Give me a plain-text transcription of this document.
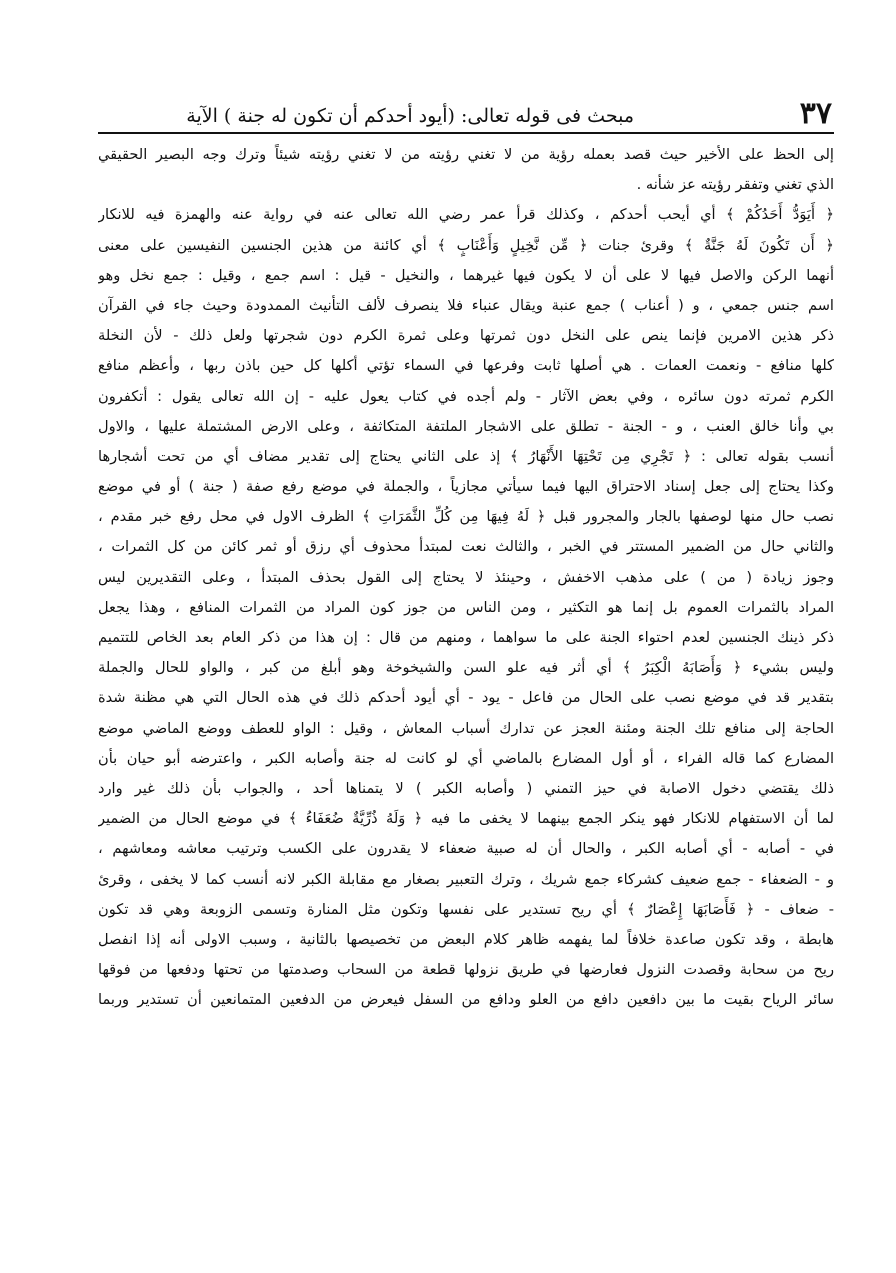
٣٧
مبحث فى قوله تعالى: (أيود أحدكم أن تكون له جنة ) الآية
إلى الحظ على الأخير حيث قصد بعمله رؤية من لا تغني رؤيته من لا تغني رؤيته شيئاً وترك وجه البصير الحقيقي
الذي تغني وتفقر رؤيته عز شأنه .
﴿ أَيَوَدُّ أَحَدُكُمْ ﴾ أي أيحب أحدكم ، وكذلك قرأ عمر رضي الله تعالى عنه في رواية عنه والهمزة فيه للانكار
﴿ أَن تَكُونَ لَهُ جَنَّةٌ ﴾ وقرئ جنات ﴿ مِّن نَّخِيلٍ وَأَعْنَابٍ ﴾ أي كائنة من هذين الجنسين النفيسين على معنى
أنهما الركن والاصل فيها لا على أن لا يكون فيها غيرهما ، والنخيل - قيل : اسم جمع ، وقيل : جمع نخل وهو
اسم جنس جمعي ، و ( أعناب ) جمع عنبة ويقال عنباء فلا ينصرف لألف التأنيث الممدودة وحيث جاء في القرآن
ذكر هذين الامرين فإنما ينص على النخل دون ثمرتها وعلى ثمرة الكرم دون شجرتها ولعل ذلك - لأن النخلة
كلها منافع - ونعمت العمات . هي أصلها ثابت وفرعها في السماء تؤتي أكلها كل حين باذن ربها ، وأعظم منافع
الكرم ثمرته دون سائره ، وفي بعض الآثار - ولم أجده في كتاب يعول عليه - إن الله تعالى يقول : أتكفرون
بي وأنا خالق العنب ، و - الجنة - تطلق على الاشجار الملتفة المتكاثفة ، وعلى الارض المشتملة عليها ، والاول
أنسب بقوله تعالى : ﴿ تَجْرِي مِن تَحْتِهَا الأَنْهَارُ ﴾ إذ على الثاني يحتاج إلى تقدير مضاف أي من تحت أشجارها
وكذا يحتاج إلى جعل إسناد الاحتراق اليها فيما سيأتي مجازياً ، والجملة في موضع رفع صفة ( جنة ) أو في موضع
نصب حال منها لوصفها بالجار والمجرور قبل ﴿ لَهُ فِيهَا مِن كُلِّ الثَّمَرَاتِ ﴾ الظرف الاول في محل رفع خبر مقدم ،
والثاني حال من الضمير المستتر في الخبر ، والثالث نعت لمبتدأ محذوف أي رزق أو ثمر كائن من كل الثمرات ،
وجوز زيادة ( من ) على مذهب الاخفش ، وحينئذ لا يحتاج إلى القول بحذف المبتدأ ، وعلى التقديرين ليس
المراد بالثمرات العموم بل إنما هو التكثير ، ومن الناس من جوز كون المراد من الثمرات المنافع ، وهذا يجعل
ذكر ذينك الجنسين لعدم احتواء الجنة على ما سواهما ، ومنهم من قال : إن هذا من ذكر العام بعد الخاص للتتميم
وليس بشيء ﴿ وَأَصَابَهُ الْكِبَرُ ﴾ أي أثر فيه علو السن والشيخوخة وهو أبلغ من كبر ، والواو للحال والجملة
بتقدير قد في موضع نصب على الحال من فاعل - يود - أي أيود أحدكم ذلك في هذه الحال التي هي مظنة شدة
الحاجة إلى منافع تلك الجنة ومئنة العجز عن تدارك أسباب المعاش ، وقيل : الواو للعطف ووضع الماضي موضع
المضارع كما قاله الفراء ، أو أول المضارع بالماضي أي لو كانت له جنة وأصابه الكبر ، واعترضه أبو حيان بأن
ذلك يقتضي دخول الاصابة في حيز التمني ( وأصابه الكبر ) لا يتمناها أحد ، والجواب بأن ذلك غير وارد
لما أن الاستفهام للانكار فهو ينكر الجمع بينهما لا يخفى ما فيه ﴿ وَلَهُ ذُرِّيَّةٌ ضُعَفَاءُ ﴾ في موضع الحال من الضمير
في - أصابه - أي أصابه الكبر ، والحال أن له صبية ضعفاء لا يقدرون على الكسب وترتيب معاشه ومعاشهم ،
و - الضعفاء - جمع ضعيف كشركاء جمع شريك ، وترك التعبير بصغار مع مقابلة الكبر لانه أنسب كما لا يخفى ، وقرئ
- ضعاف - ﴿ فَأَصَابَهَا إِعْصَارٌ ﴾ أي ريح تستدير على نفسها وتكون مثل المنارة وتسمى الزوبعة وهي قد تكون
هابطة ، وقد تكون صاعدة خلافاً لما يفهمه ظاهر كلام البعض من تخصيصها بالثانية ، وسبب الاولى أنه إذا انفصل
ريح من سحابة وقصدت النزول فعارضها في طريق نزولها قطعة من السحاب وصدمتها من تحتها ودفعها من فوقها
سائر الرياح بقيت ما بين دافعين دافع من العلو ودافع من السفل فيعرض من الدفعين المتمانعين أن تستدير وربما
